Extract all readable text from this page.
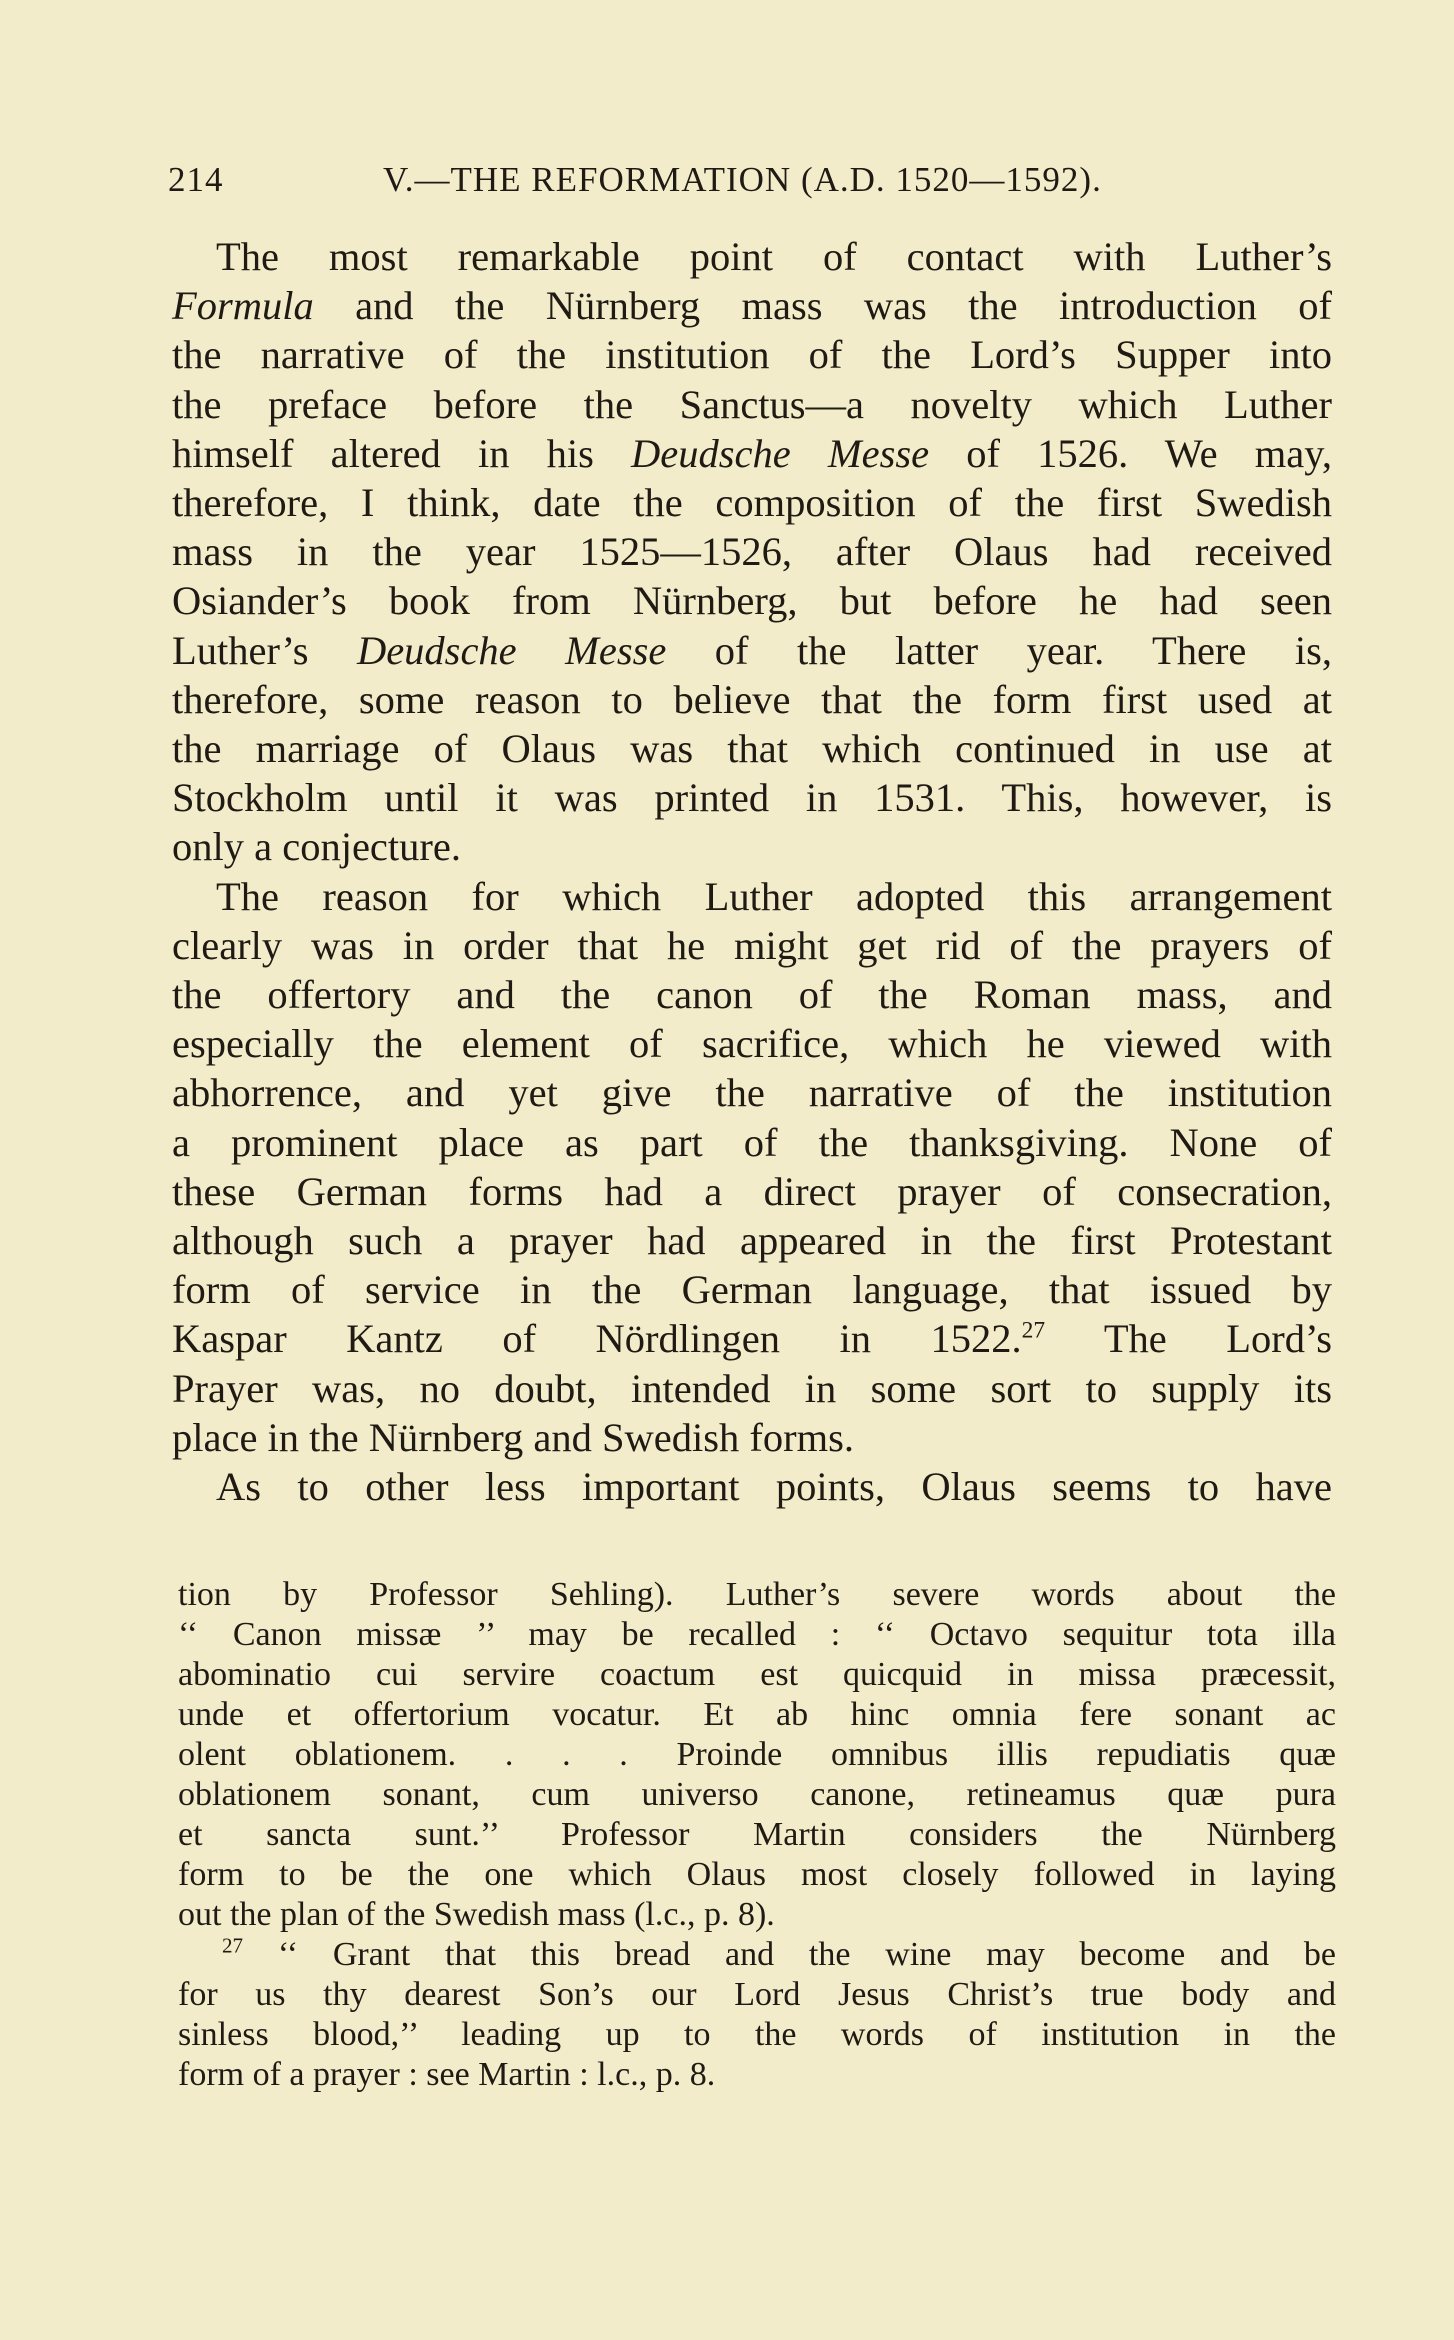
214	V.—THE REFORMATION (A.D. 1520—1592).
The most remarkable point of contact with Luther’s
Formula and the Nürnberg mass was the introduction of
the narrative of the institution of the Lord’s Supper into
the preface before the Sanctus—a novelty which Luther
himself altered in his Deudsche Messe of 1526. We may,
therefore, I think, date the composition of the first Swedish
mass in the year 1525—1526, after Olaus had received
Osiander’s book from Nürnberg, but before he had seen
Luther’s Deudsche Messe of the latter year. There is,
therefore, some reason to believe that the form first used at
the marriage of Olaus was that which continued in use at
Stockholm until it was printed in 1531. This, however, is
only a conjecture.
The reason for which Luther adopted this arrangement
clearly was in order that he might get rid of the prayers of
the offertory and the canon of the Roman mass, and
especially the element of sacrifice, which he viewed with
abhorrence, and yet give the narrative of the institution
a prominent place as part of the thanksgiving. None of
these German forms had a direct prayer of consecration,
although such a prayer had appeared in the first Protestant
form of service in the German language, that issued by
Kaspar Kantz of Nördlingen in 1522.27 The Lord’s
Prayer was, no doubt, intended in some sort to supply its
place in the Nürnberg and Swedish forms.
As to other less important points, Olaus seems to have
tion by Professor Sehling). Luther’s severe words about the
‘‘ Canon missæ ’’ may be recalled : ‘‘ Octavo sequitur tota illa
abominatio cui servire coactum est quicquid in missa præcessit,
unde et offertorium vocatur. Et ab hinc omnia fere sonant ac
olent oblationem. . . . Proinde omnibus illis repudiatis quæ
oblationem sonant, cum universo canone, retineamus quæ pura
et sancta sunt.’’ Professor Martin considers the Nürnberg
form to be the one which Olaus most closely followed in laying
out the plan of the Swedish mass (l.c., p. 8).
$^{27}$ ‘‘ Grant that this bread and the wine may become and be
for us thy dearest Son’s our Lord Jesus Christ’s true body and
sinless blood,’’ leading up to the words of institution in the
form of a prayer : see Martin : l.c., p. 8.
